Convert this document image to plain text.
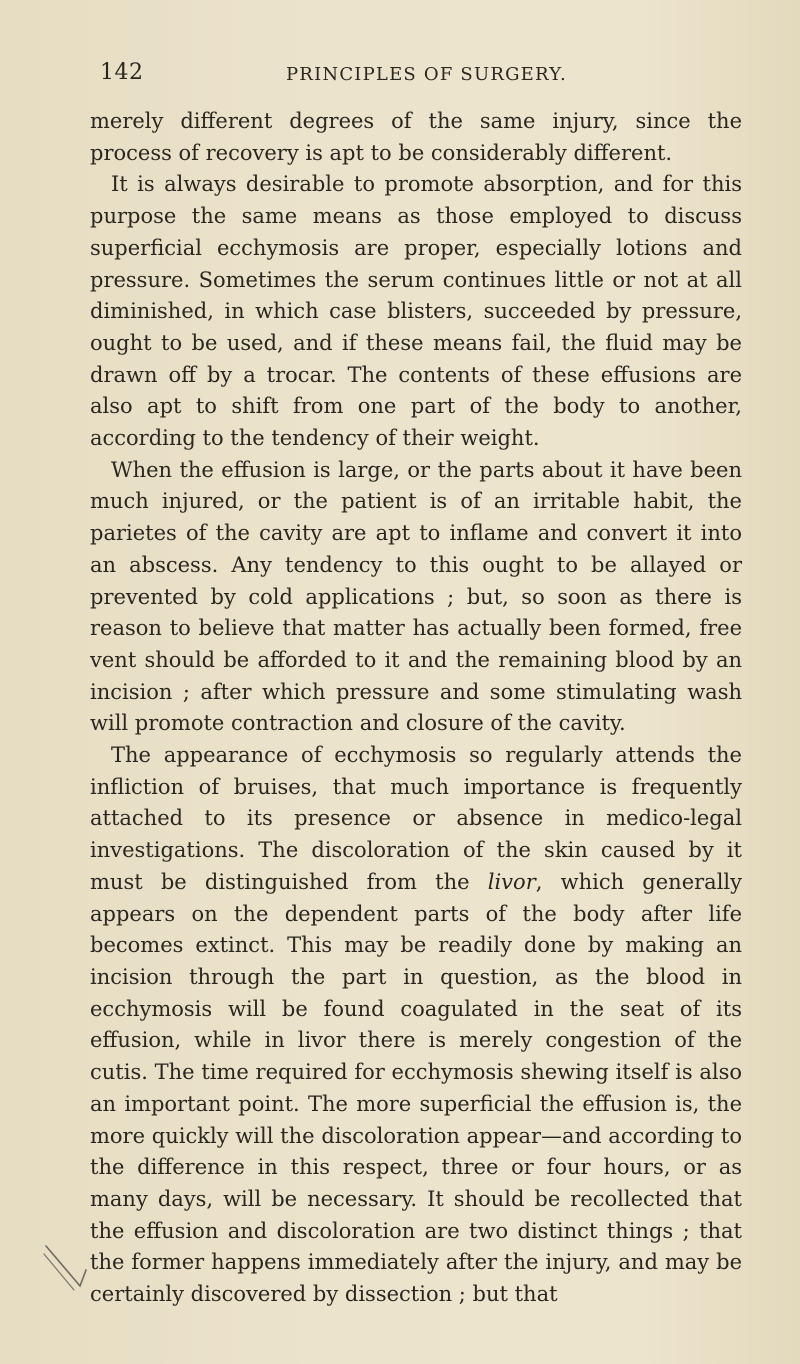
142	PRINCIPLES OF SURGERY.

merely different degrees of the same injury, since the process of recovery is apt to be considerably different.

It is always desirable to promote absorption, and for this purpose the same means as those employed to discuss superficial ecchymosis are proper, especially lotions and pressure. Sometimes the serum continues little or not at all diminished, in which case blisters, succeeded by pressure, ought to be used, and if these means fail, the fluid may be drawn off by a trocar. The contents of these effusions are also apt to shift from one part of the body to another, according to the tendency of their weight.

When the effusion is large, or the parts about it have been much injured, or the patient is of an irritable habit, the parietes of the cavity are apt to inflame and convert it into an abscess. Any tendency to this ought to be allayed or prevented by cold applications ; but, so soon as there is reason to believe that matter has actually been formed, free vent should be afforded to it and the remaining blood by an incision ; after which pressure and some stimulating wash will promote contraction and closure of the cavity.

The appearance of ecchymosis so regularly attends the infliction of bruises, that much importance is frequently attached to its presence or absence in medico-legal investigations. The discoloration of the skin caused by it must be distinguished from the livor, which generally appears on the dependent parts of the body after life becomes extinct. This may be readily done by making an incision through the part in question, as the blood in ecchymosis will be found coagulated in the seat of its effusion, while in livor there is merely congestion of the cutis. The time required for ecchymosis shewing itself is also an important point. The more superficial the effusion is, the more quickly will the discoloration appear—and according to the difference in this respect, three or four hours, or as many days, will be necessary. It should be recollected that the effusion and discoloration are two distinct things ; that the former happens immediately after the injury, and may be certainly discovered by dissection ; but that
